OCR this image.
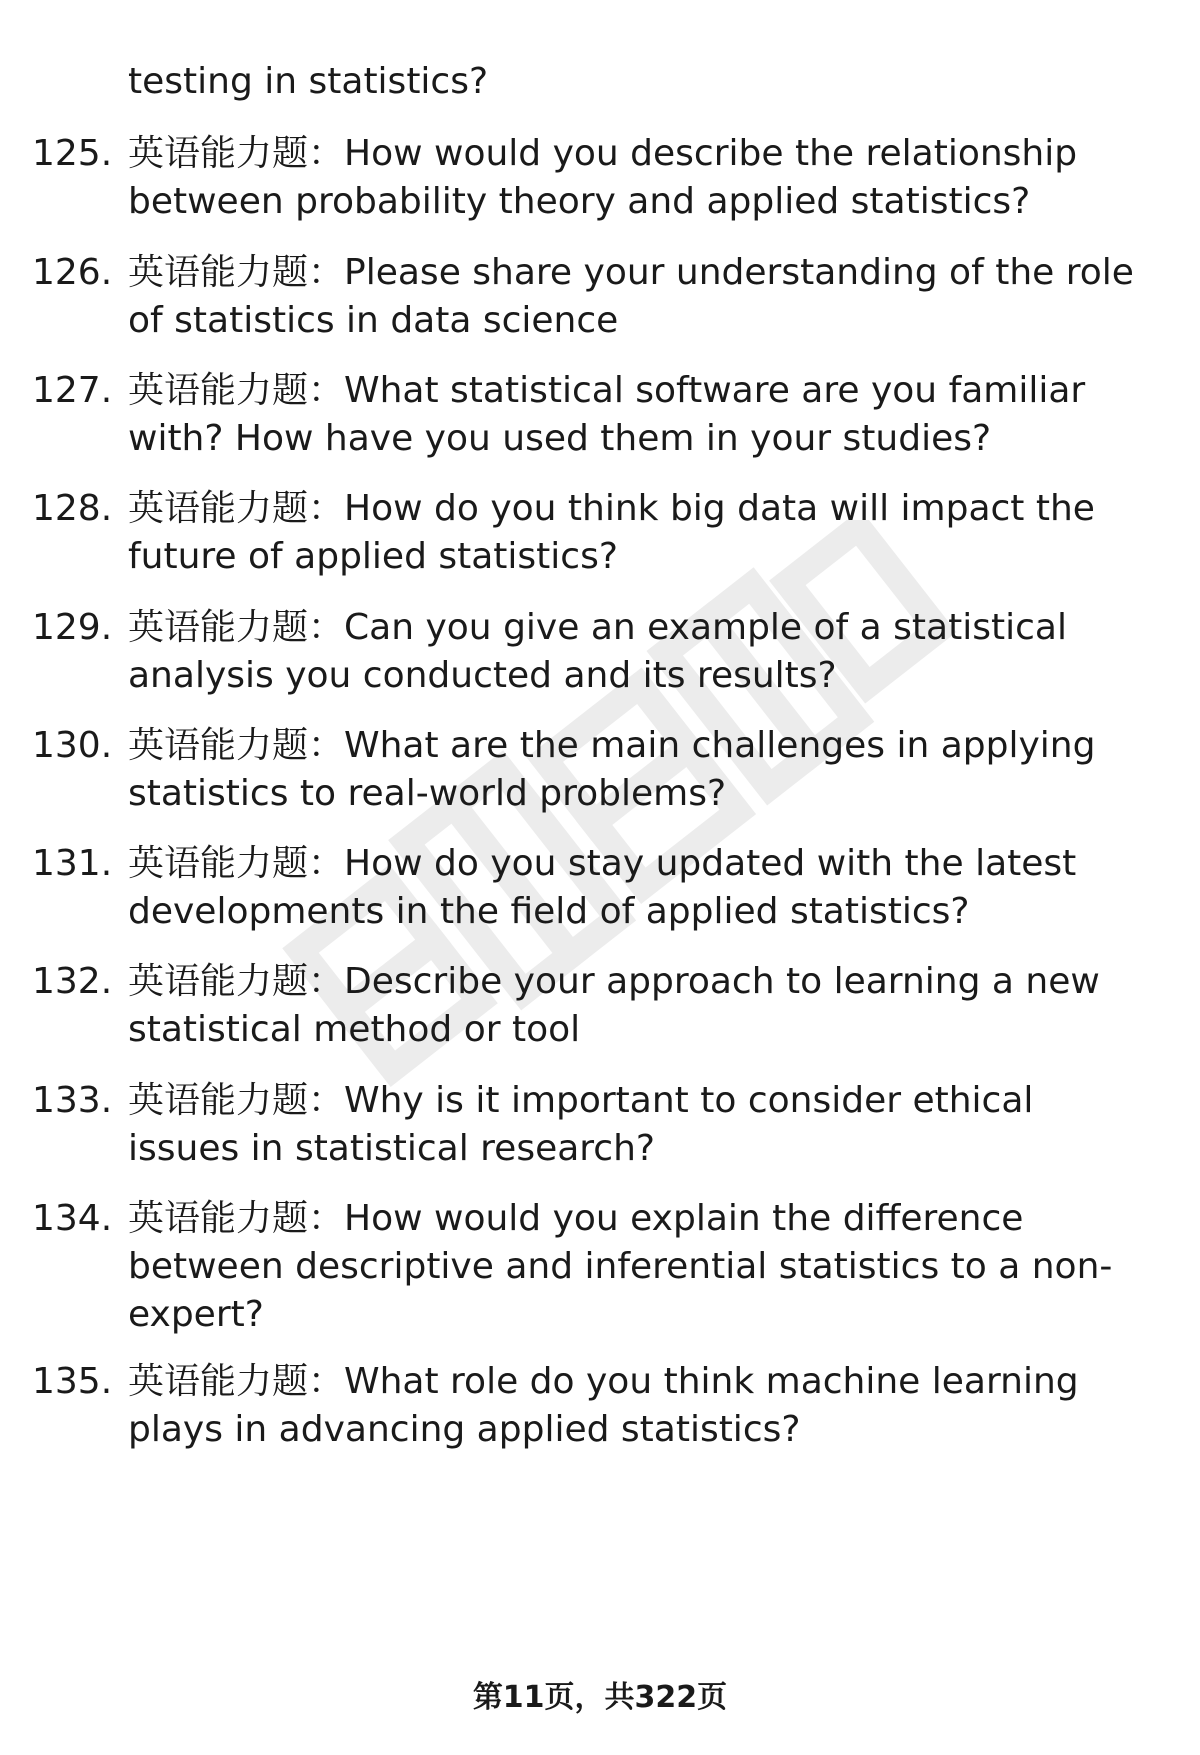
testing in statistics?
125. 英语能力题：How would you describe the relationship between probability theory and applied statistics?
126. 英语能力题：Please share your understanding of the role of statistics in data science
127. 英语能力题：What statistical software are you familiar with? How have you used them in your studies?
128. 英语能力题：How do you think big data will impact the future of applied statistics?
129. 英语能力题：Can you give an example of a statistical analysis you conducted and its results?
130. 英语能力题：What are the main challenges in applying statistics to real-world problems?
131. 英语能力题：How do you stay updated with the latest developments in the field of applied statistics?
132. 英语能力题：Describe your approach to learning a new statistical method or tool
133. 英语能力题：Why is it important to consider ethical issues in statistical research?
134. 英语能力题：How would you explain the difference between descriptive and inferential statistics to a non-expert?
135. 英语能力题：What role do you think machine learning plays in advancing applied statistics?
第11页，共322页
